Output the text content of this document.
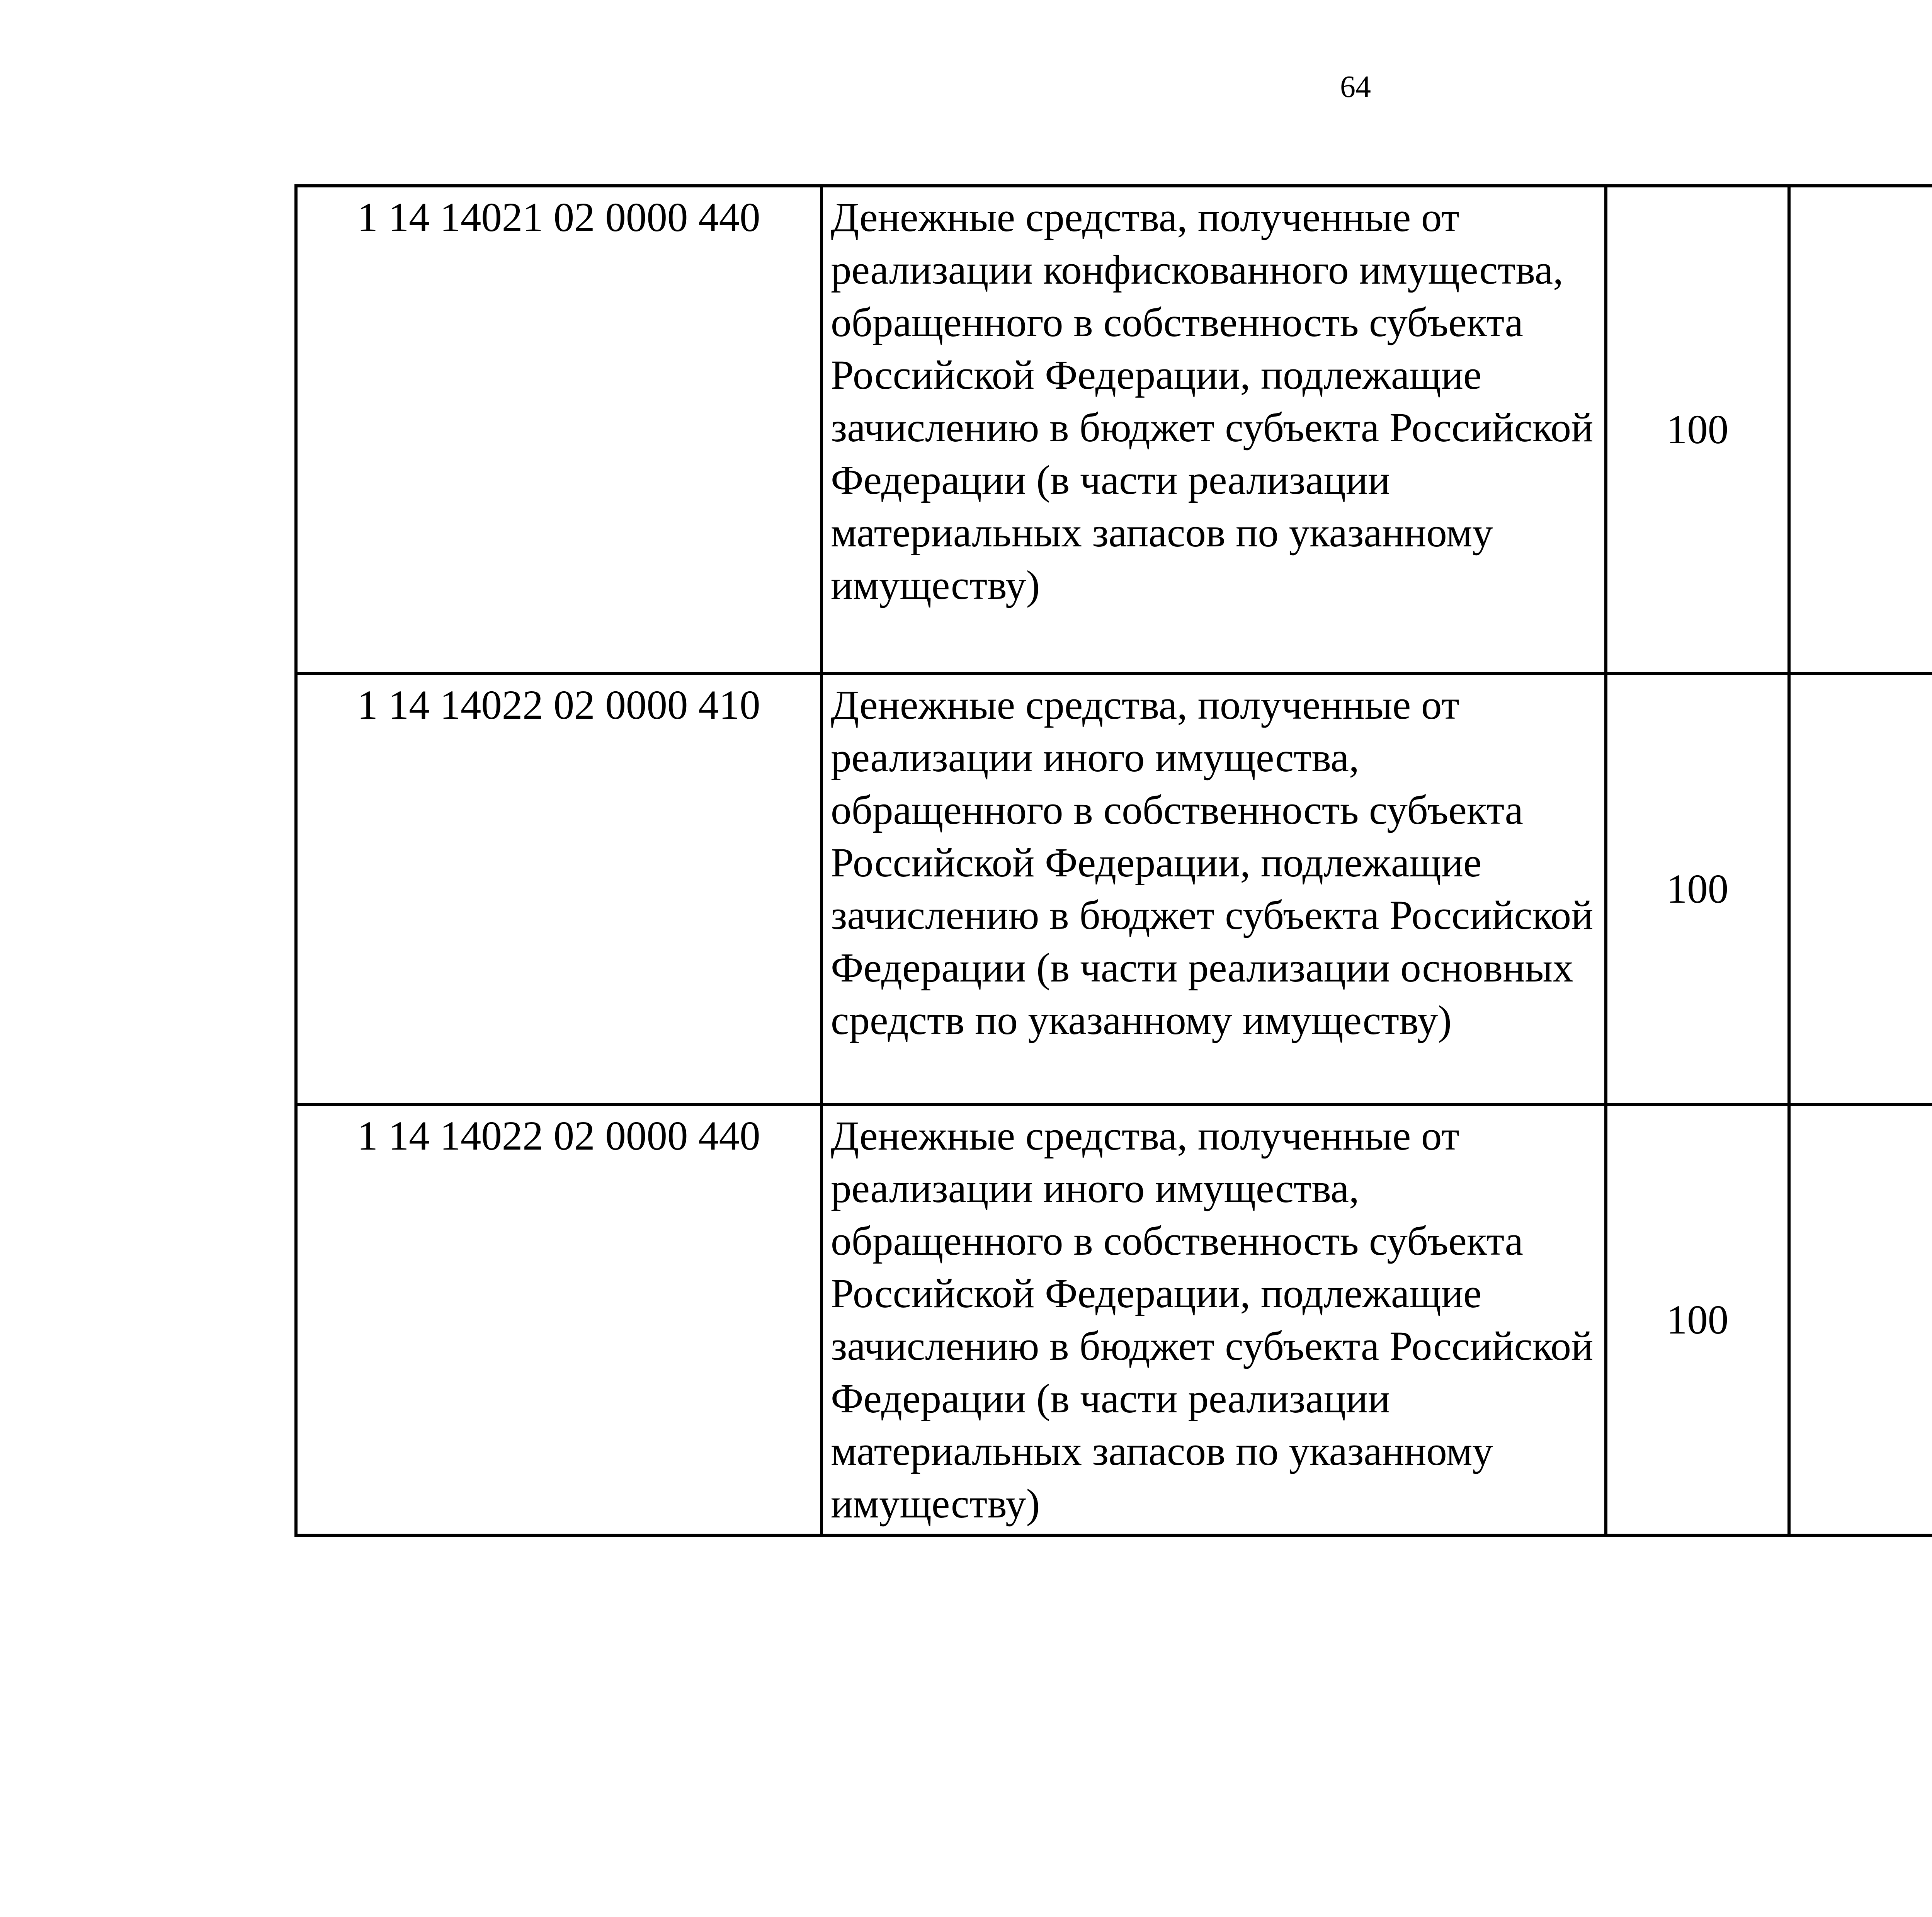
64
1 14 14021 02 0000 440	Денежные средства, полученные от реализации конфискованного имущества, обращенного в собственность субъекта Российской Федерации, подлежащие зачислению в бюджет субъекта Российской Федерации (в части реализации материальных запасов по указанному имуществу)	100				
1 14 14022 02 0000 410	Денежные средства, полученные от реализации иного имущества, обращенного в собственность субъекта Российской Федерации, подлежащие зачислению в бюджет субъекта Российской Федерации (в части реализации основных средств по указанному имуществу)	100				
1 14 14022 02 0000 440	Денежные средства, полученные от реализации иного имущества, обращенного в собственность субъекта Российской Федерации, подлежащие зачислению в бюджет субъекта Российской Федерации (в части реализации материальных запасов по указанному имуществу)	100				
